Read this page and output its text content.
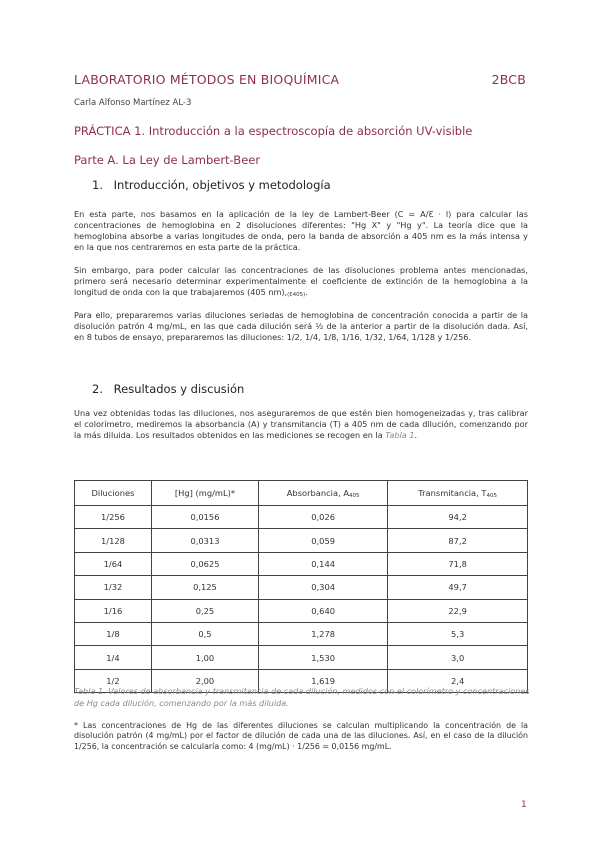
LABORATORIO MÉTODOS EN BIOQUÍMICA	2BCB
Carla Alfonso Martínez AL-3
PRÁCTICA 1. Introducción a la espectroscopía de absorción UV-visible
Parte A. La Ley de Lambert-Beer
1. Introducción, objetivos y metodología

En esta parte, nos basamos en la aplicación de la ley de Lambert-Beer (C = A/ℇ · l) para calcular las concentraciones de hemoglobina en 2 disoluciones diferentes: "Hg X" y "Hg y". La teoría dice que la hemoglobina absorbe a varias longitudes de onda, pero la banda de absorción a 405 nm es la más intensa y en la que nos centraremos en esta parte de la práctica.

Sin embargo, para poder calcular las concentraciones de las disoluciones problema antes mencionadas, primero será necesario determinar experimentalmente el coeficiente de extinción de la hemoglobina a la longitud de onda con la que trabajaremos (405 nm),(ℇ405).

Para ello, prepararemos varias diluciones seriadas de hemoglobina de concentración conocida a partir de la disolución patrón 4 mg/mL, en las que cada dilución será ½ de la anterior a partir de la disolución dada. Así, en 8 tubos de ensayo, prepararemos las diluciones: 1/2, 1/4, 1/8, 1/16, 1/32, 1/64, 1/128 y 1/256.

2. Resultados y discusión

Una vez obtenidas todas las diluciones, nos aseguraremos de que estén bien homogeneizadas y, tras calibrar el colorímetro, mediremos la absorbancia (A) y transmitancia (T) a 405 nm de cada dilución, comenzando por la más diluida. Los resultados obtenidos en las mediciones se recogen en la Tabla 1.

Diluciones	[Hg] (mg/mL)*	Absorbancia, A405	Transmitancia, T405
1/256	0,0156	0,026	94,2
1/128	0,0313	0,059	87,2
1/64	0,0625	0,144	71,8
1/32	0,125	0,304	49,7
1/16	0,25	0,640	22,9
1/8	0,5	1,278	5,3
1/4	1,00	1,530	3,0
1/2	2,00	1,619	2,4

Tabla 1. Valores de absorbancia y transmitancia de cada dilución, medidos con el colorímetro y concentraciones de Hg cada dilución, comenzando por la más diluida.

* Las concentraciones de Hg de las diferentes diluciones se calculan multiplicando la concentración de la disolución patrón (4 mg/mL) por el factor de dilución de cada una de las diluciones. Así, en el caso de la dilución 1/256, la concentración se calcularía como: 4 (mg/mL) · 1/256 = 0,0156 mg/mL.

1
